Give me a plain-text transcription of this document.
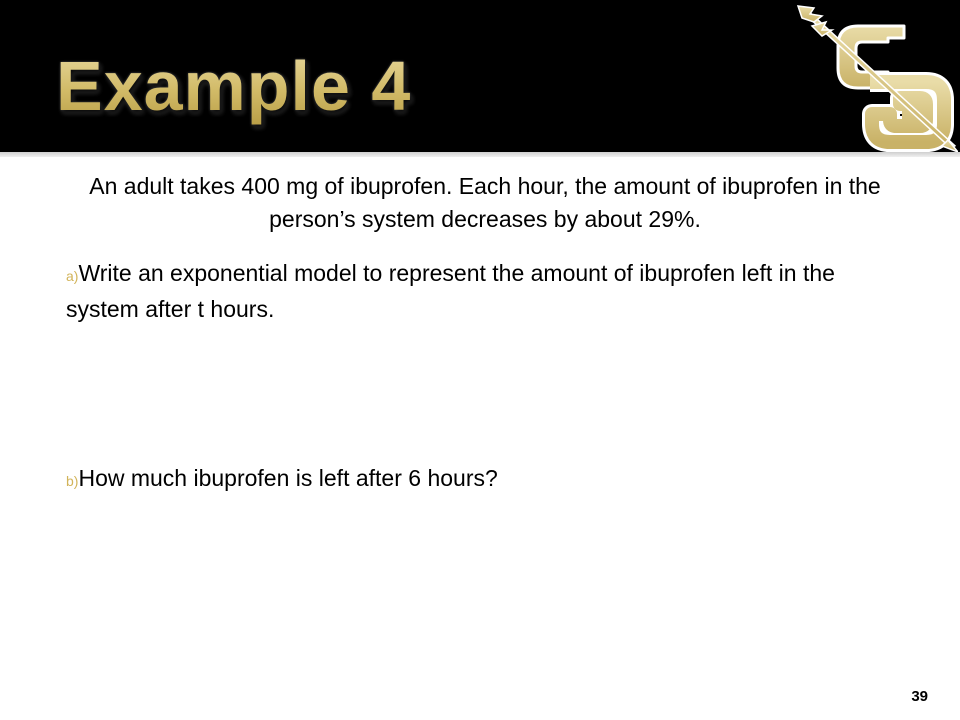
Example 4
An adult takes 400 mg of ibuprofen. Each hour, the amount of ibuprofen in the person’s system decreases by about 29%.
a)Write an exponential model to represent the amount of ibuprofen left in the system after t hours.
b)How much ibuprofen is left after 6 hours?
39
